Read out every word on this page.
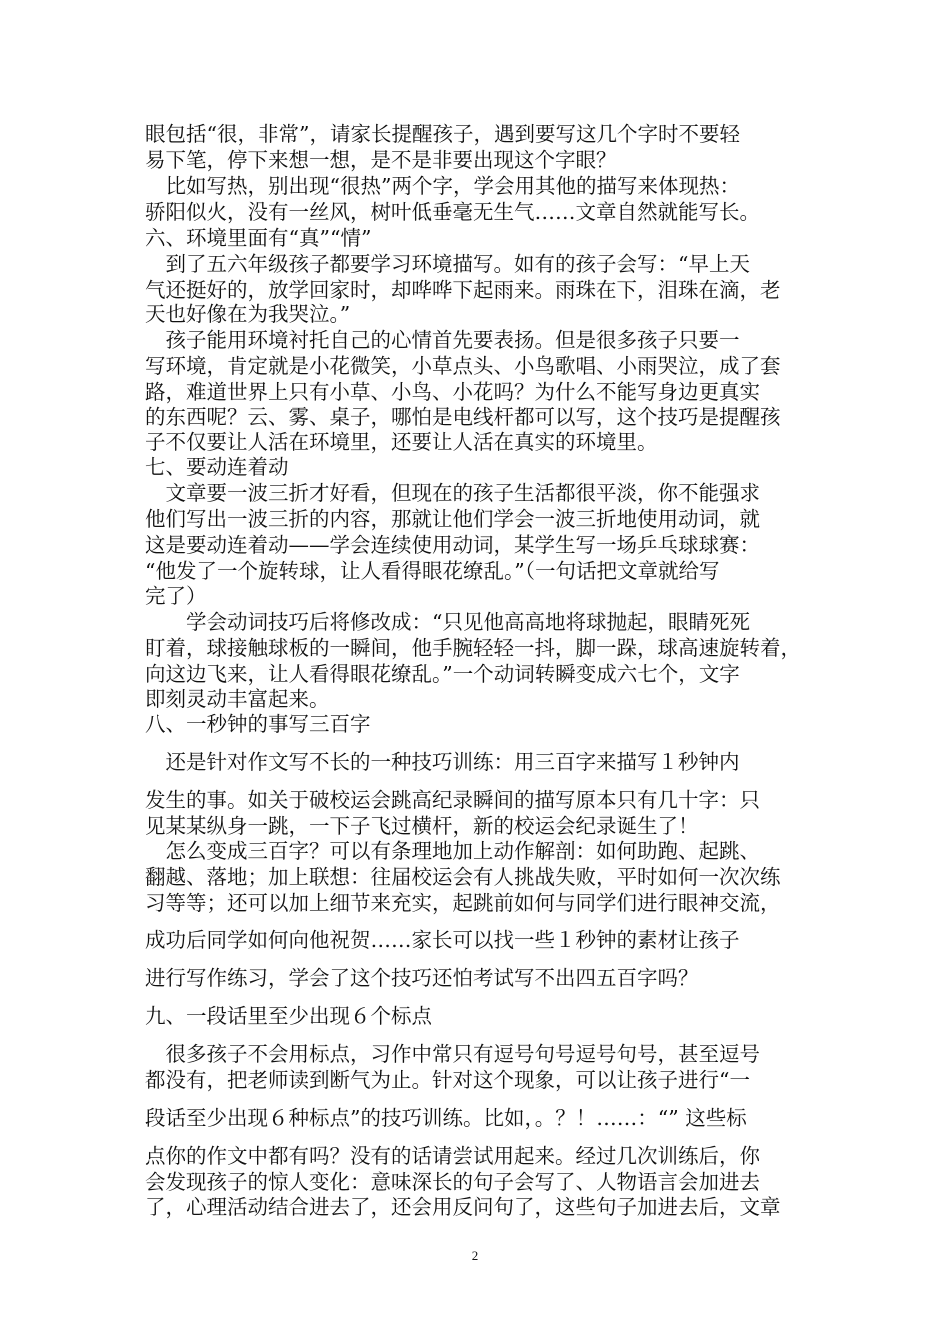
眼包括“很，非常”，请家长提醒孩子，遇到要写这几个字时不要轻
易下笔，停下来想一想，是不是非要出现这个字眼？
　比如写热，别出现“很热”两个字，学会用其他的描写来体现热：
骄阳似火，没有一丝风，树叶低垂毫无生气……文章自然就能写长。
六、环境里面有“真”“情”
　到了五六年级孩子都要学习环境描写。如有的孩子会写：“早上天
气还挺好的，放学回家时，却哗哗下起雨来。雨珠在下，泪珠在滴，老
天也好像在为我哭泣。”
　孩子能用环境衬托自己的心情首先要表扬。但是很多孩子只要一
写环境，肯定就是小花微笑，小草点头、小鸟歌唱、小雨哭泣，成了套
路，难道世界上只有小草、小鸟、小花吗？为什么不能写身边更真实
的东西呢？云、雾、桌子，哪怕是电线杆都可以写，这个技巧是提醒孩
子不仅要让人活在环境里，还要让人活在真实的环境里。
七、要动连着动
　文章要一波三折才好看，但现在的孩子生活都很平淡，你不能强求
他们写出一波三折的内容，那就让他们学会一波三折地使用动词，就
这是要动连着动——学会连续使用动词，某学生写一场乒乓球球赛：
“他发了一个旋转球，让人看得眼花缭乱。”（一句话把文章就给写
完了）
　　学会动词技巧后将修改成：“只见他高高地将球抛起，眼睛死死
盯着，球接触球板的一瞬间，他手腕轻轻一抖，脚一跺，球高速旋转着，
向这边飞来，让人看得眼花缭乱。”一个动词转瞬变成六七个，文字
即刻灵动丰富起来。
八、一秒钟的事写三百字
　还是针对作文写不长的一种技巧训练：用三百字来描写１秒钟内
发生的事。如关于破校运会跳高纪录瞬间的描写原本只有几十字：只
见某某纵身一跳，一下子飞过横杆，新的校运会纪录诞生了！
　怎么变成三百字？可以有条理地加上动作解剖：如何助跑、起跳、
翻越、落地；加上联想：往届校运会有人挑战失败，平时如何一次次练
习等等；还可以加上细节来充实，起跳前如何与同学们进行眼神交流，
成功后同学如何向他祝贺……家长可以找一些１秒钟的素材让孩子
进行写作练习，学会了这个技巧还怕考试写不出四五百字吗？
九、一段话里至少出现６个标点
　很多孩子不会用标点，习作中常只有逗号句号逗号句号，甚至逗号
都没有，把老师读到断气为止。针对这个现象，可以让孩子进行“一
段话至少出现６种标点”的技巧训练。比如，。？！……：“” 这些标
点你的作文中都有吗？没有的话请尝试用起来。经过几次训练后，你
会发现孩子的惊人变化：意味深长的句子会写了、人物语言会加进去
了，心理活动结合进去了，还会用反问句了，这些句子加进去后，文章
2
